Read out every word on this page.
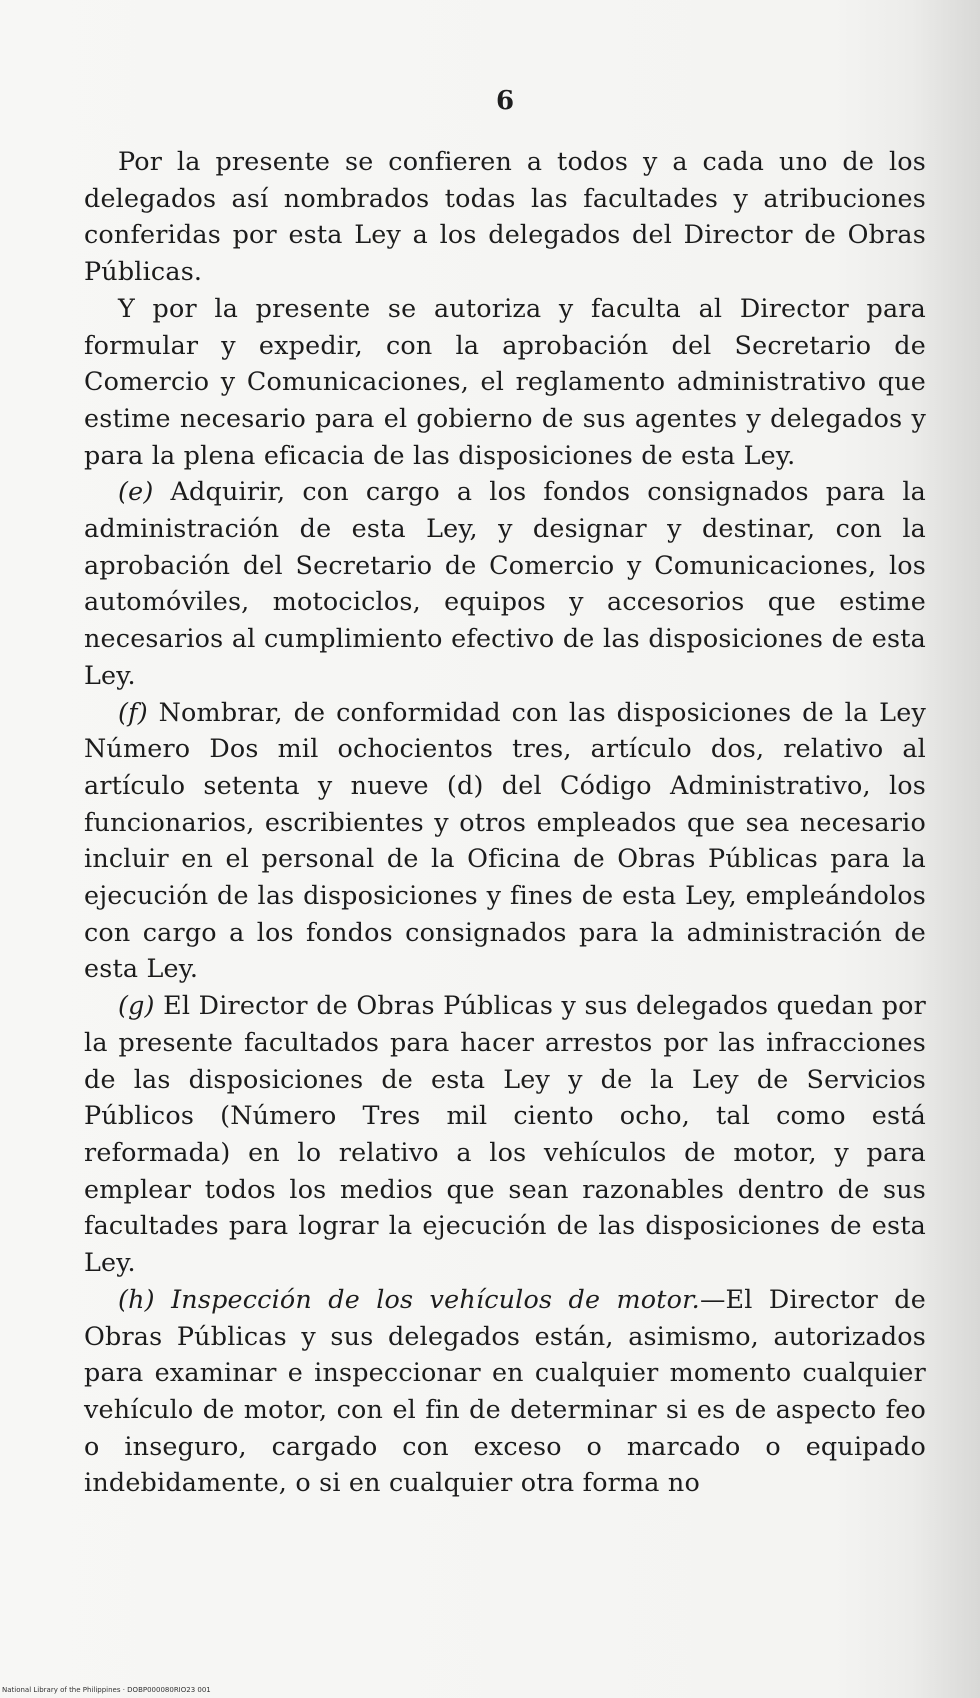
6

Por la presente se confieren a todos y a cada uno de los delegados así nombrados todas las facultades y atribuciones conferidas por esta Ley a los delegados del Director de Obras Públicas.

Y por la presente se autoriza y faculta al Director para formular y expedir, con la aprobación del Secretario de Comercio y Comunicaciones, el reglamento administrativo que estime necesario para el gobierno de sus agentes y delegados y para la plena eficacia de las disposiciones de esta Ley.

(e) Adquirir, con cargo a los fondos consignados para la administración de esta Ley, y designar y destinar, con la aprobación del Secretario de Comercio y Comunicaciones, los automóviles, motociclos, equipos y accesorios que estime necesarios al cumplimiento efectivo de las disposiciones de esta Ley.

(f) Nombrar, de conformidad con las disposiciones de la Ley Número Dos mil ochocientos tres, artículo dos, relativo al artículo setenta y nueve (d) del Código Administrativo, los funcionarios, escribientes y otros empleados que sea necesario incluir en el personal de la Oficina de Obras Públicas para la ejecución de las disposiciones y fines de esta Ley, empleándolos con cargo a los fondos consignados para la administración de esta Ley.

(g) El Director de Obras Públicas y sus delegados quedan por la presente facultados para hacer arrestos por las infracciones de las disposiciones de esta Ley y de la Ley de Servicios Públicos (Número Tres mil ciento ocho, tal como está reformada) en lo relativo a los vehículos de motor, y para emplear todos los medios que sean razonables dentro de sus facultades para lograr la ejecución de las disposiciones de esta Ley.

(h) Inspección de los vehículos de motor.—El Director de Obras Públicas y sus delegados están, asimismo, autorizados para examinar e inspeccionar en cualquier momento cualquier vehículo de motor, con el fin de determinar si es de aspecto feo o inseguro, cargado con exceso o marcado o equipado indebidamente, o si en cualquier otra forma no

National Library of the Philippines · DOBP000080RIO23 001
